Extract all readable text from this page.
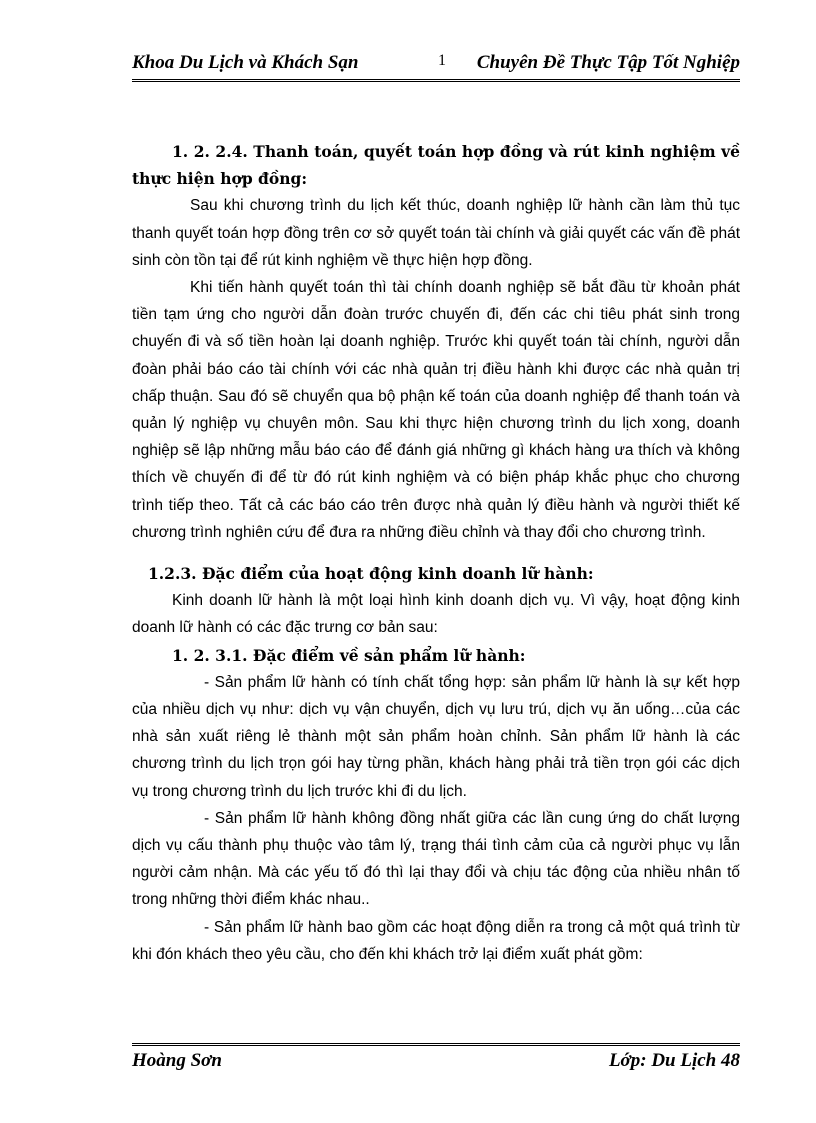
Khoa Du Lịch và Khách Sạn	1 Chuyên Đề Thực Tập Tốt Nghiệp

1. 2. 2.4. Thanh toán, quyết toán hợp đồng và rút kinh nghiệm về thực hiện hợp đồng:

Sau khi chương trình du lịch kết thúc, doanh nghiệp lữ hành cần làm thủ tục thanh quyết toán hợp đồng trên cơ sở quyết toán tài chính và giải quyết các vấn đề phát sinh còn tồn tại để rút kinh nghiệm về thực hiện hợp đồng.

Khi tiến hành quyết toán thì tài chính doanh nghiệp sẽ bắt đầu từ khoản phát tiền tạm ứng cho người dẫn đoàn trước chuyến đi, đến các chi tiêu phát sinh trong chuyến đi và số tiền hoàn lại doanh nghiệp. Trước khi quyết toán tài chính, người dẫn đoàn phải báo cáo tài chính với các nhà quản trị điều hành khi được các nhà quản trị chấp thuận. Sau đó sẽ chuyển qua bộ phận kế toán của doanh nghiệp để thanh toán và quản lý nghiệp vụ chuyên môn. Sau khi thực hiện chương trình du lịch xong, doanh nghiệp sẽ lập những mẫu báo cáo để đánh giá những gì khách hàng ưa thích và không thích về chuyến đi để từ đó rút kinh nghiệm và có biện pháp khắc phục cho chương trình tiếp theo. Tất cả các báo cáo trên được nhà quản lý điều hành và người thiết kế chương trình nghiên cứu để đưa ra những điều chỉnh và thay đổi cho chương trình.

1.2.3. Đặc điểm của hoạt động kinh doanh lữ hành:

Kinh doanh lữ hành là một loại hình kinh doanh dịch vụ. Vì vậy, hoạt động kinh doanh lữ hành có các đặc trưng cơ bản sau:

1. 2. 3.1. Đặc điểm về sản phẩm lữ hành:

- Sản phẩm lữ hành có tính chất tổng hợp: sản phẩm lữ hành là sự kết hợp của nhiều dịch vụ như: dịch vụ vận chuyển, dịch vụ lưu trú, dịch vụ ăn uống…của các nhà sản xuất riêng lẻ thành một sản phẩm hoàn chỉnh. Sản phẩm lữ hành là các chương trình du lịch trọn gói hay từng phần, khách hàng phải trả tiền trọn gói các dịch vụ trong chương trình du lịch trước khi đi du lịch.

- Sản phẩm lữ hành không đồng nhất giữa các lần cung ứng do chất lượng dịch vụ cấu thành phụ thuộc vào tâm lý, trạng thái tình cảm của cả người phục vụ lẫn người cảm nhận. Mà các yếu tố đó thì lại thay đổi và chịu tác động của nhiều nhân tố trong những thời điểm khác nhau..

- Sản phẩm lữ hành bao gồm các hoạt động diễn ra trong cả một quá trình từ khi đón khách theo yêu cầu, cho đến khi khách trở lại điểm xuất phát gồm:

Hoàng Sơn	Lớp: Du Lịch 48
